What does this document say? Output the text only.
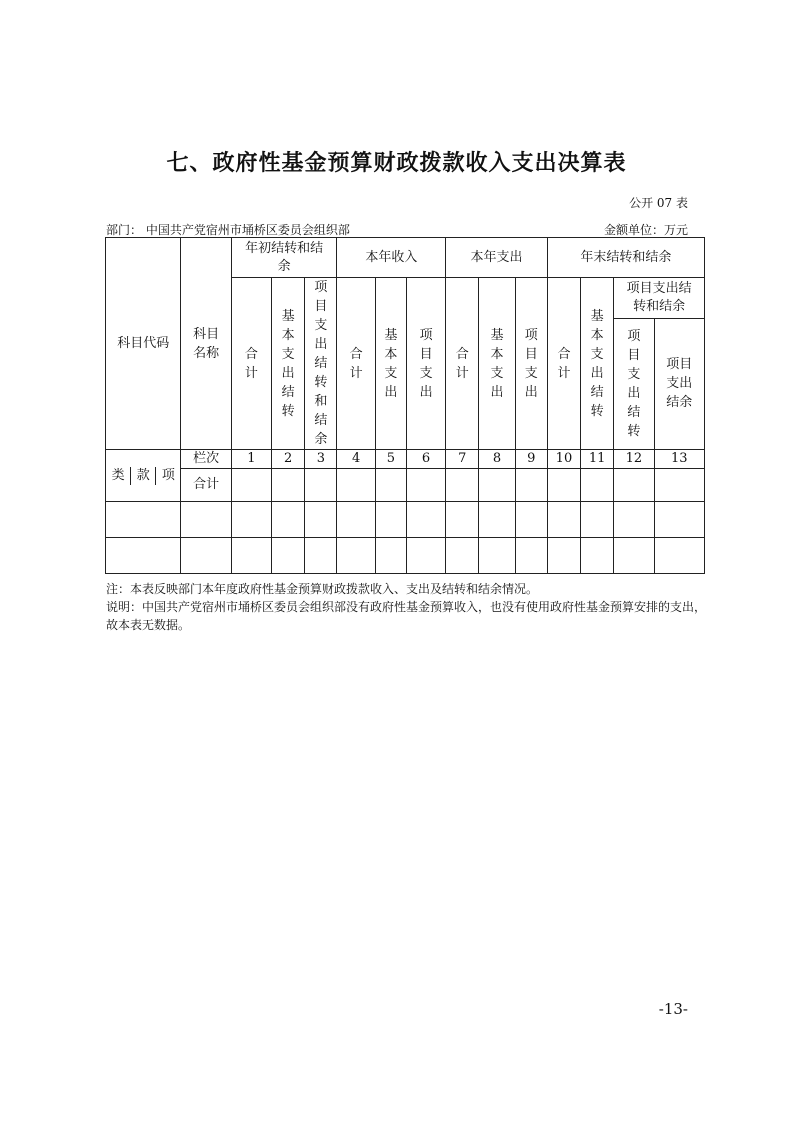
七、政府性基金预算财政拨款收入支出决算表
公开 07 表
部门： 中国共产党宿州市埇桥区委员会组织部	金额单位：万元
科目代码	科目名称	年初结转和结余			本年收入			本年支出			年末结转和结余			
		合计	基本支出结转	项目支出结转和结余	合计	基本支出	项目支出	合计	基本支出	项目支出	合计	基本支出结转	项目支出结转和结余	
													项目支出结转	项目支出结余

类 款 项	栏次	1	2	3	4	5	6	7	8	9	10	11	12	13
	合计													

注：本表反映部门本年度政府性基金预算财政拨款收入、支出及结转和结余情况。
说明：中国共产党宿州市埇桥区委员会组织部没有政府性基金预算收入，也没有使用政府性基金预算安排的支出，故本表无数据。
-13-
